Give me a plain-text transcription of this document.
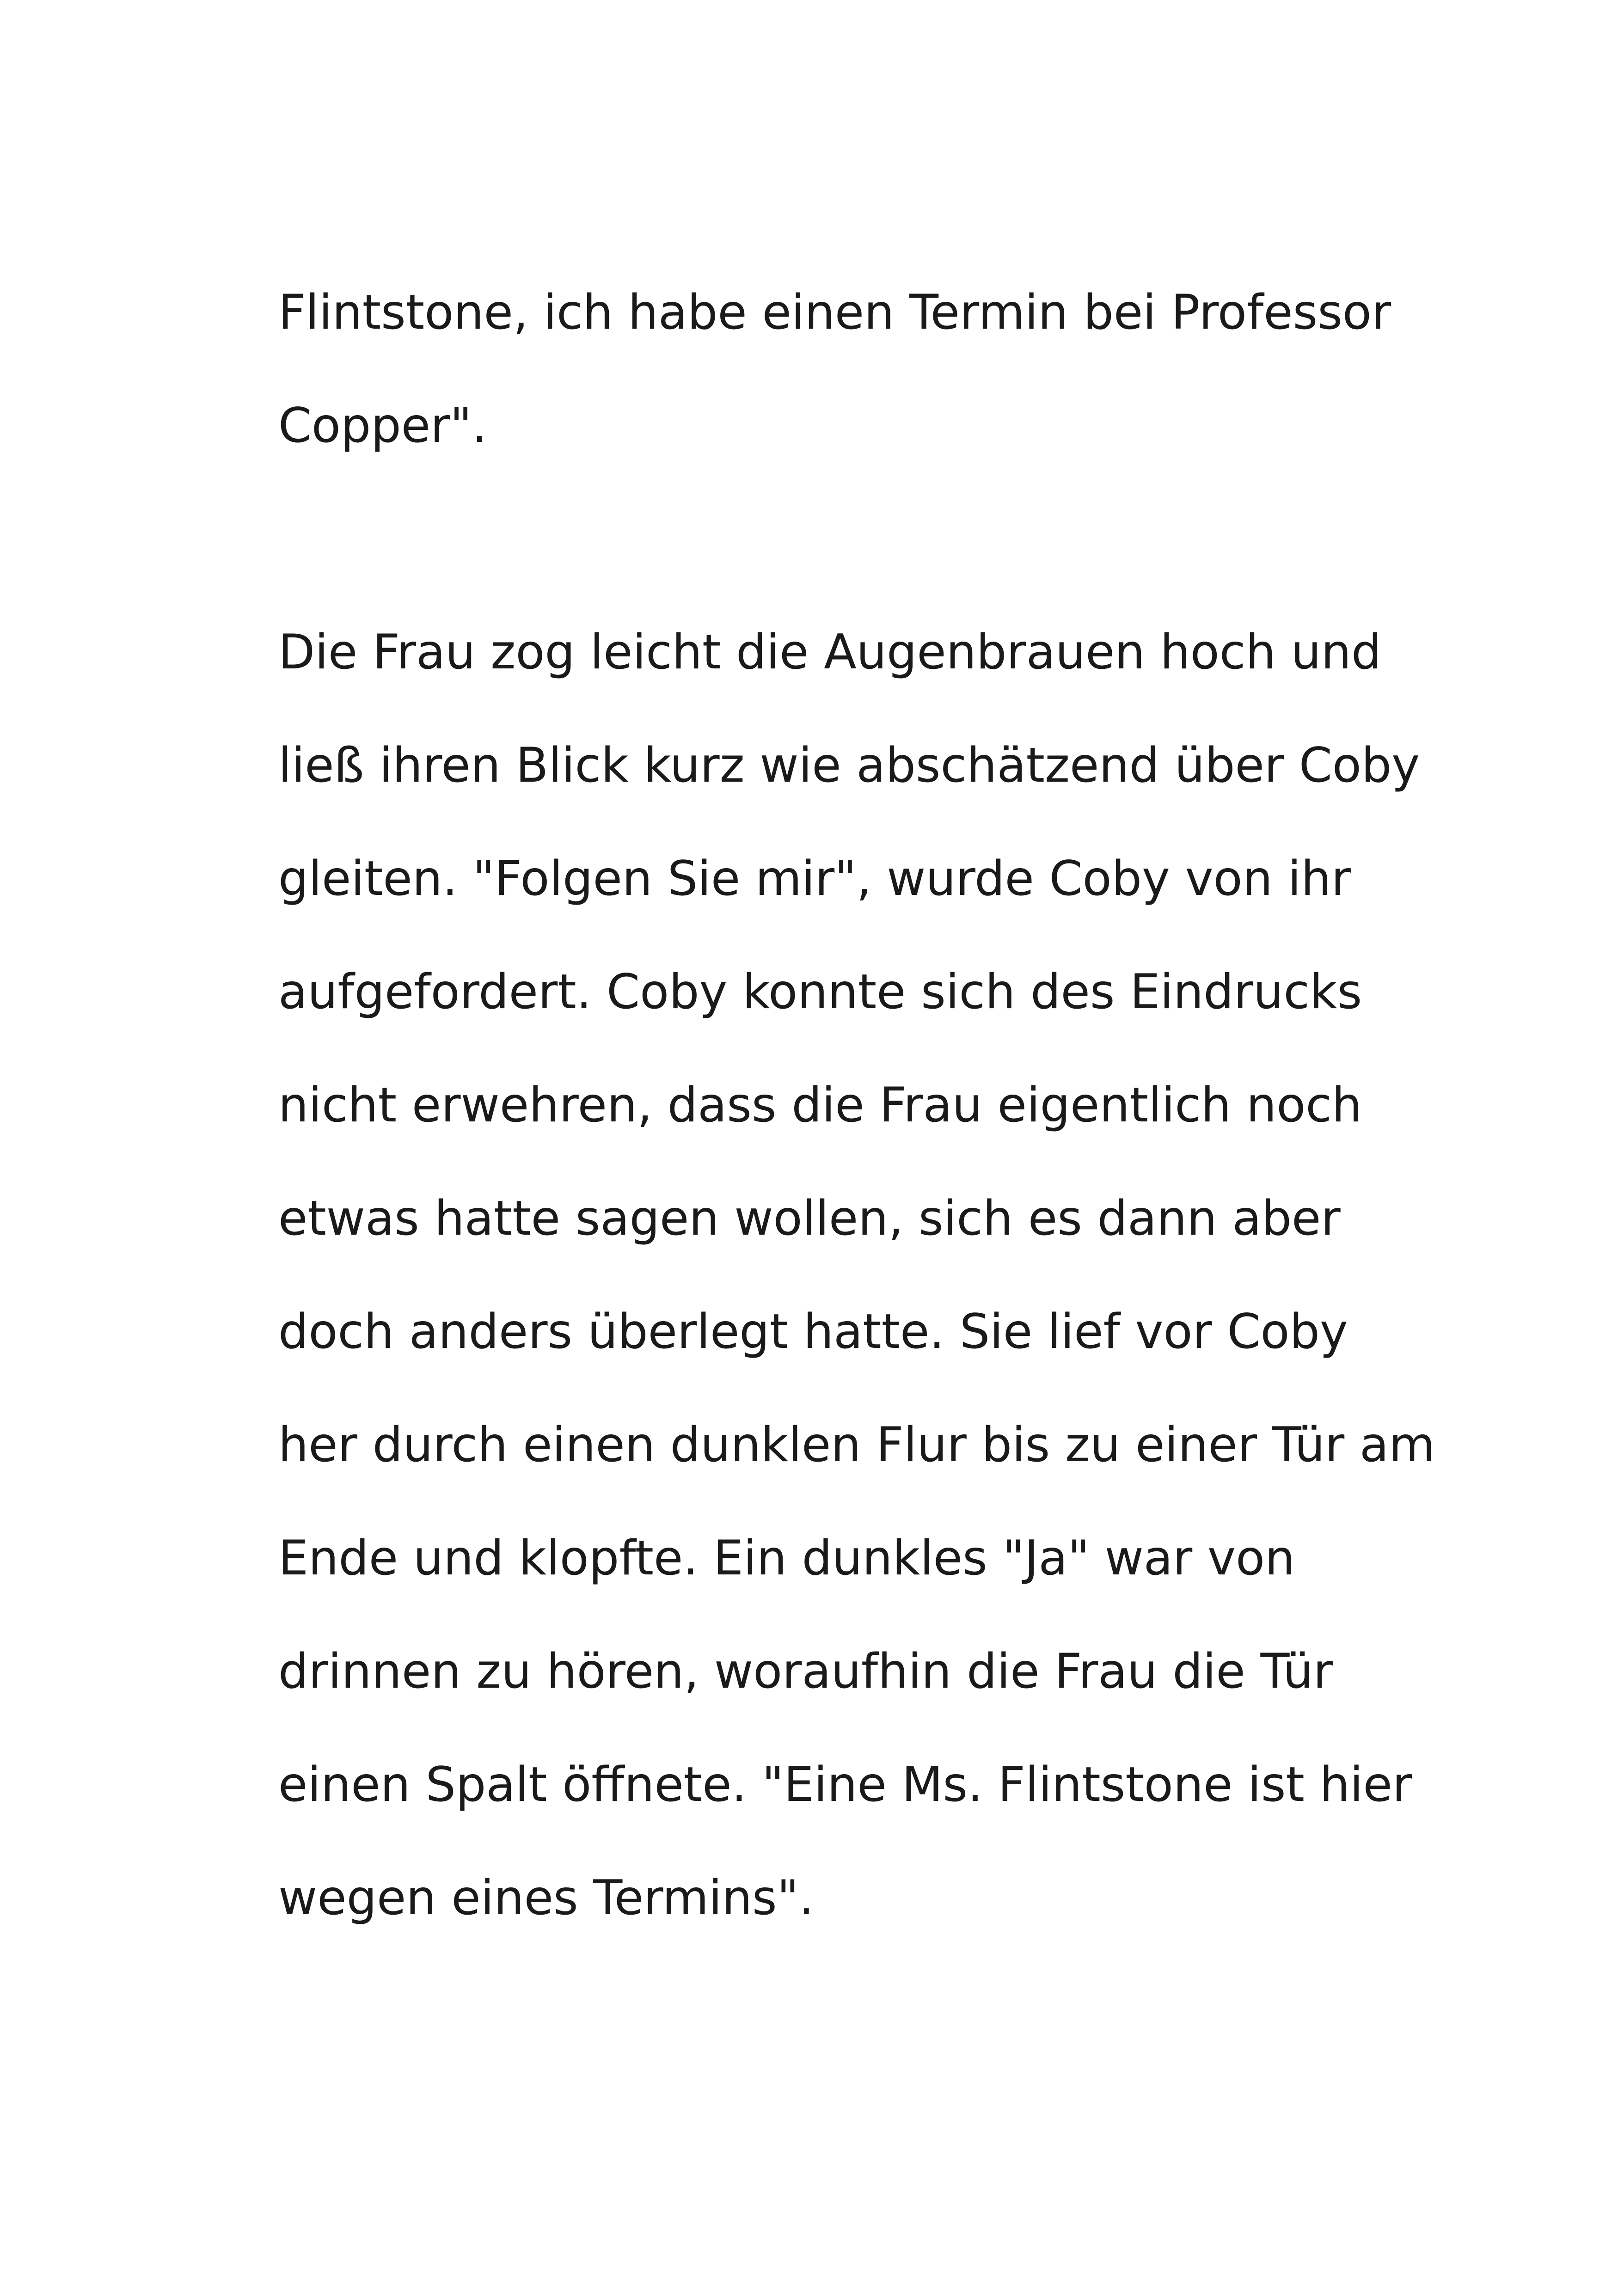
Flintstone, ich habe einen Termin bei Professor
Copper".
Die Frau zog leicht die Augenbrauen hoch und
ließ ihren Blick kurz wie abschätzend über Coby
gleiten. "Folgen Sie mir", wurde Coby von ihr
aufgefordert. Coby konnte sich des Eindrucks
nicht erwehren, dass die Frau eigentlich noch
etwas hatte sagen wollen, sich es dann aber
doch anders überlegt hatte. Sie lief vor Coby
her durch einen dunklen Flur bis zu einer Tür am
Ende und klopfte. Ein dunkles "Ja" war von
drinnen zu hören, woraufhin die Frau die Tür
einen Spalt öffnete. "Eine Ms. Flintstone ist hier
wegen eines Termins".
